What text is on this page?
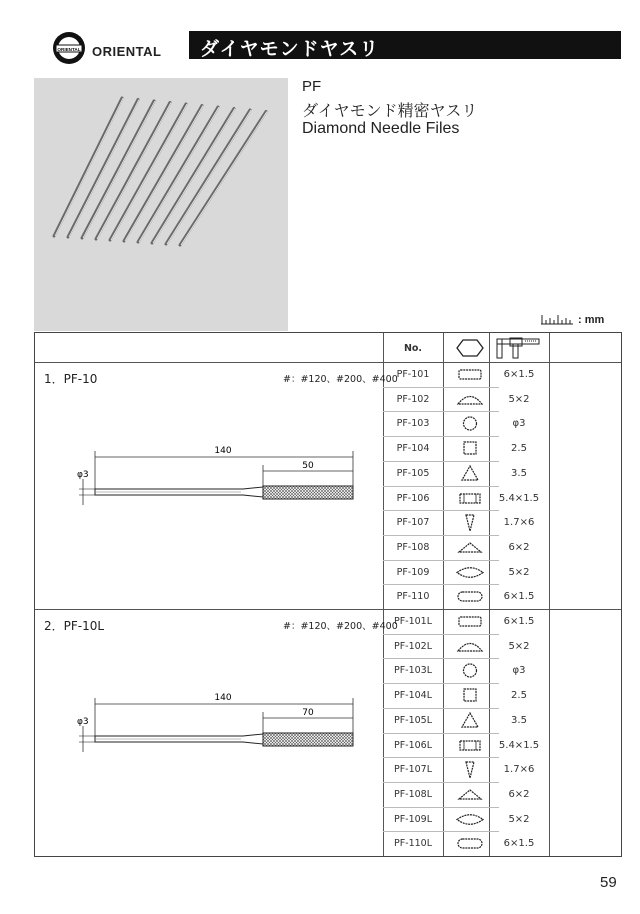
ORIENTAL ORIENTAL ダイヤモンドヤスリ
PF
ダイヤモンド精密ヤスリ
Diamond Needle Files
: mm
No.
1．PF-10	#：#120、#200、#400
140
50
φ3
PF-101	6×1.5
PF-102	5×2
PF-103	φ3
PF-104	2.5
PF-105	3.5
PF-106	5.4×1.5
PF-107	1.7×6
PF-108	6×2
PF-109	5×2
PF-110	6×1.5
2．PF-10L	#：#120、#200、#400
140
70
φ3
PF-101L	6×1.5
PF-102L	5×2
PF-103L	φ3
PF-104L	2.5
PF-105L	3.5
PF-106L	5.4×1.5
PF-107L	1.7×6
PF-108L	6×2
PF-109L	5×2
PF-110L	6×1.5
59
